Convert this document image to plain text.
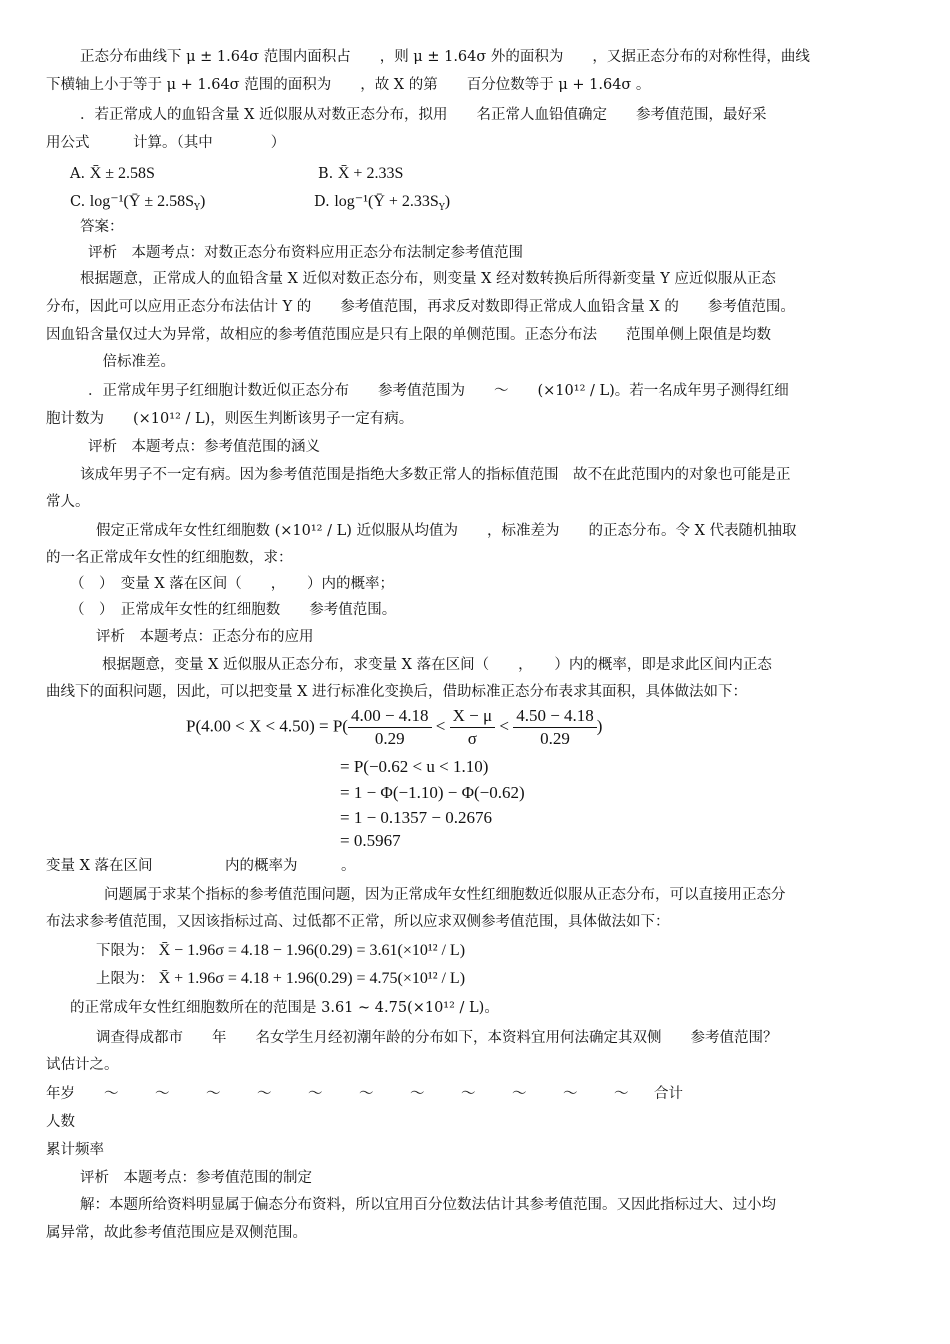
正态分布曲线下 μ ± 1.64σ 范围内面积占　　，则 μ ± 1.64σ 外的面积为　　，又据正态分布的对称性得，曲线
下横轴上小于等于 μ + 1.64σ 范围的面积为　　，故 X 的第　　百分位数等于 μ + 1.64σ 。
．若正常成人的血铅含量 X 近似服从对数正态分布，拟用　　名正常人血铅值确定　　参考值范围，最好采
用公式　　　计算。（其中　　　　）
A. X̄ ± 2.58S	B. X̄ + 2.33S
C. log⁻¹(Ȳ ± $2.58S_Y$)	D. log⁻¹(Ȳ + $2.33S_Y$)
答案：
评析　本题考点：对数正态分布资料应用正态分布法制定参考值范围
根据题意，正常成人的血铅含量 X 近似对数正态分布，则变量 X 经对数转换后所得新变量 Y 应近似服从正态
分布，因此可以应用正态分布法估计 Y 的　　参考值范围，再求反对数即得正常成人血铅含量 X 的　　参考值范围。
因血铅含量仅过大为异常，故相应的参考值范围应是只有上限的单侧范围。正态分布法　　范围单侧上限值是均数
　倍标准差。
．正常成年男子红细胞计数近似正态分布　　参考值范围为　　～　　(×10¹² / L)。若一名成年男子测得红细
胞计数为　　(×10¹² / L)，则医生判断该男子一定有病。
评析　本题考点：参考值范围的涵义
该成年男子不一定有病。因为参考值范围是指绝大多数正常人的指标值范围　故不在此范围内的对象也可能是正
常人。
假定正常成年女性红细胞数 (×10¹² / L) 近似服从均值为　　，标准差为　　的正态分布。令 X 代表随机抽取
的一名正常成年女性的红细胞数，求：
（　）　变量 X 落在区间（　　，　　）内的概率；
（　）　正常成年女性的红细胞数　　参考值范围。
评析　本题考点：正态分布的应用
根据题意，变量 X 近似服从正态分布，求变量 X 落在区间（　　，　　）内的概率，即是求此区间内正态
曲线下的面积问题，因此，可以把变量 X 进行标准化变换后，借助标准正态分布表求其面积，具体做法如下：
$P(4.00 < X < 4.50) = P( \frac{4.00 - 4.18}{0.29} < \frac{X - \mu}{\sigma} < \frac{4.50 - 4.18}{0.29}$ )
= P(−0.62 < u < 1.10)
= 1 − Φ(−1.10) − Φ(−0.62)
= 1 − 0.1357 − 0.2676
= 0.5967
变量 X 落在区间　　　　　内的概率为　　　。
问题属于求某个指标的参考值范围问题，因为正常成年女性红细胞数近似服从正态分布，可以直接用正态分
布法求参考值范围，又因该指标过高、过低都不正常，所以应求双侧参考值范围，具体做法如下：
下限为： X̄ − 1.96σ = 4.18 − 1.96(0.29) = 3.61(×10¹² / L)
上限为： X̄ + 1.96σ = 4.18 + 1.96(0.29) = 4.75(×10¹² / L)
的正常成年女性红细胞数所在的范围是 3.61 ~ 4.75(×10¹² / L)。
调查得成都市　　年　　名女学生月经初潮年龄的分布如下，本资料宜用何法确定其双侧　　参考值范围？
试估计之。
年岁 ～	～	～	～	～	～	～	～	～	～	～ 合计
人数
累计频率
评析　本题考点：参考值范围的制定
解：本题所给资料明显属于偏态分布资料，所以宜用百分位数法估计其参考值范围。又因此指标过大、过小均
属异常，故此参考值范围应是双侧范围。
